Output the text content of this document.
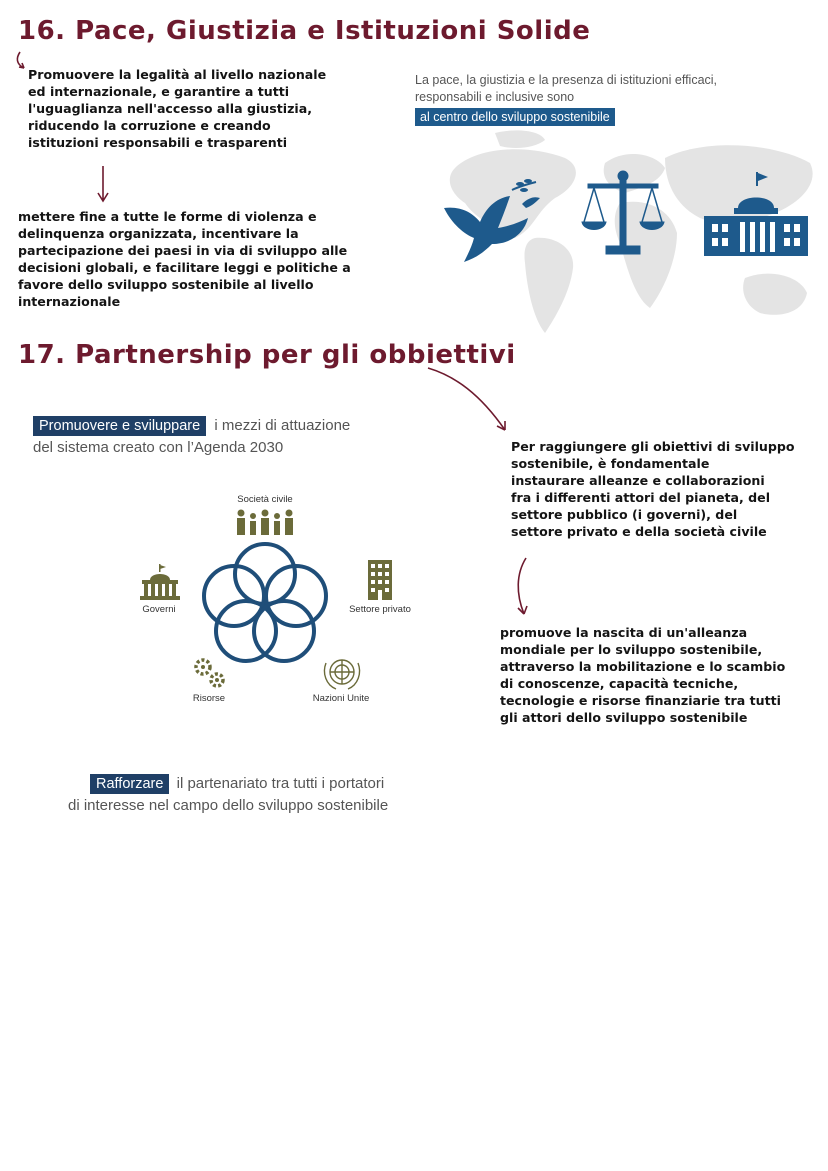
16. Pace, Giustizia e Istituzioni Solide
Promuovere la legalità al livello nazionale
ed internazionale, e garantire a tutti
l'uguaglianza nell'accesso alla giustizia,
riducendo la corruzione e creando
istituzioni responsabili e trasparenti
mettere fine a tutte le forme di violenza e
delinquenza organizzata, incentivare la
partecipazione dei paesi in via di sviluppo alle
decisioni globali, e facilitare leggi e politiche a
favore dello sviluppo sostenibile al livello
internazionale
La pace, la giustizia e la presenza di istituzioni efficaci,
responsabili e inclusive sono
al centro dello sviluppo sostenibile
17. Partnership per gli obbiettivi
Promuovere e sviluppare i mezzi di attuazione
del sistema creato con l’Agenda 2030
Società civile
Governi	Settore privato
Risorse	Nazioni Unite
Rafforzare il partenariato tra tutti i portatori
di interesse nel campo dello sviluppo sostenibile
Per raggiungere gli obiettivi di sviluppo
sostenibile, è fondamentale
instaurare alleanze e collaborazioni
fra i differenti attori del pianeta, del
settore pubblico (i governi), del
settore privato e della società civile
promuove la nascita di un'alleanza
mondiale per lo sviluppo sostenibile,
attraverso la mobilitazione e lo scambio
di conoscenze, capacità tecniche,
tecnologie e risorse finanziarie tra tutti
gli attori dello sviluppo sostenibile
